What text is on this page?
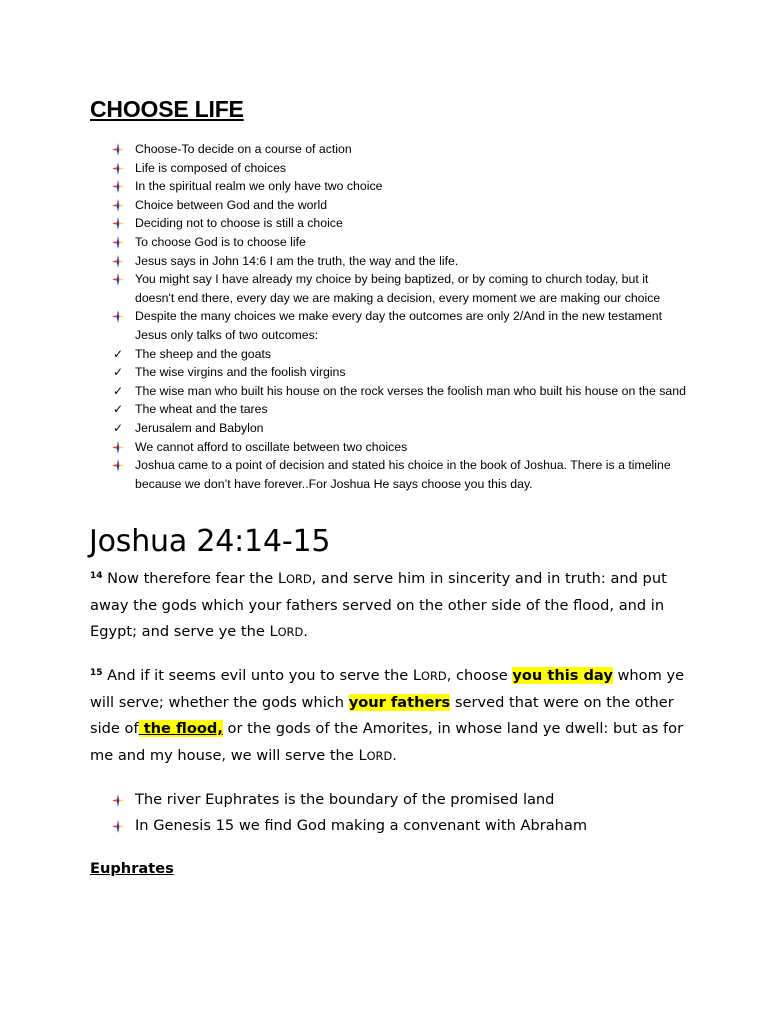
CHOOSE LIFE
Choose-To decide on a course of action
Life is composed of choices
In the spiritual realm we only have two choice
Choice between God and the world
Deciding not to choose is still a choice
To choose God is to choose life
Jesus says in John 14:6 I am the truth, the way and the life.
You might say I have already my choice by being baptized, or by coming to church today, but it doesn't end there, every day we are making a decision, every moment we are making our choice
Despite the many choices we make every day the outcomes are only 2/And in the new testament Jesus only talks of two outcomes:
✓ The sheep and the goats
✓ The wise virgins and the foolish virgins
✓ The wise man who built his house on the rock verses the foolish man who built his house on the sand
✓ The wheat and the tares
✓ Jerusalem and Babylon
We cannot afford to oscillate between two choices
Joshua came to a point of decision and stated his choice in the book of Joshua. There is a timeline because we don’t have forever..For Joshua He says choose you this day.
Joshua 24:14-15

$^{14}$ Now therefore fear the LORD, and serve him in sincerity and in truth: and put away the gods which your fathers served on the other side of the flood, and in Egypt; and serve ye the LORD.

$^{15}$ And if it seems evil unto you to serve the LORD, choose you this day whom ye will serve; whether the gods which your fathers served that were on the other side of the flood, or the gods of the Amorites, in whose land ye dwell: but as for me and my house, we will serve the LORD.

The river Euphrates is the boundary of the promised land
In Genesis 15 we find God making a convenant with Abraham
Euphrates
